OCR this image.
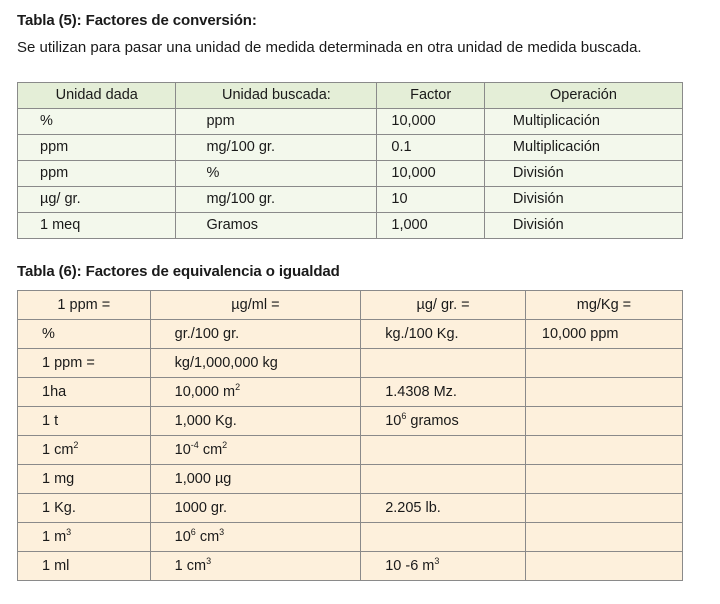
Tabla (5): Factores de conversión:
Se utilizan para pasar una unidad de medida determinada en otra unidad de medida buscada.
Unidad dada	Unidad buscada:	Factor	Operación
%	ppm	10,000	Multiplicación
ppm	mg/100 gr.	0.1	Multiplicación
ppm	%	10,000	División
µg/ gr.	mg/100 gr.	10	División
1 meq	Gramos	1,000	División
Tabla (6): Factores de equivalencia o igualdad
1 ppm =	µg/ml =	µg/ gr. =	mg/Kg =
%	gr./100 gr.	kg./100 Kg.	10,000 ppm
1 ppm =	kg/1,000,000 kg		
1ha	10,000 $m^2$	1.4308 Mz.	
1 t	1,000 Kg.	$10^6$ gramos	
1 $cm^2$	$10^{-4}$ $cm^2$		
1 mg	1,000 µg		
1 Kg.	1000 gr.	2.205 lb.	
1 $m^3$	$10^6$ $cm^3$		
1 ml	1 $cm^3$	10 -6 $m^3$	
